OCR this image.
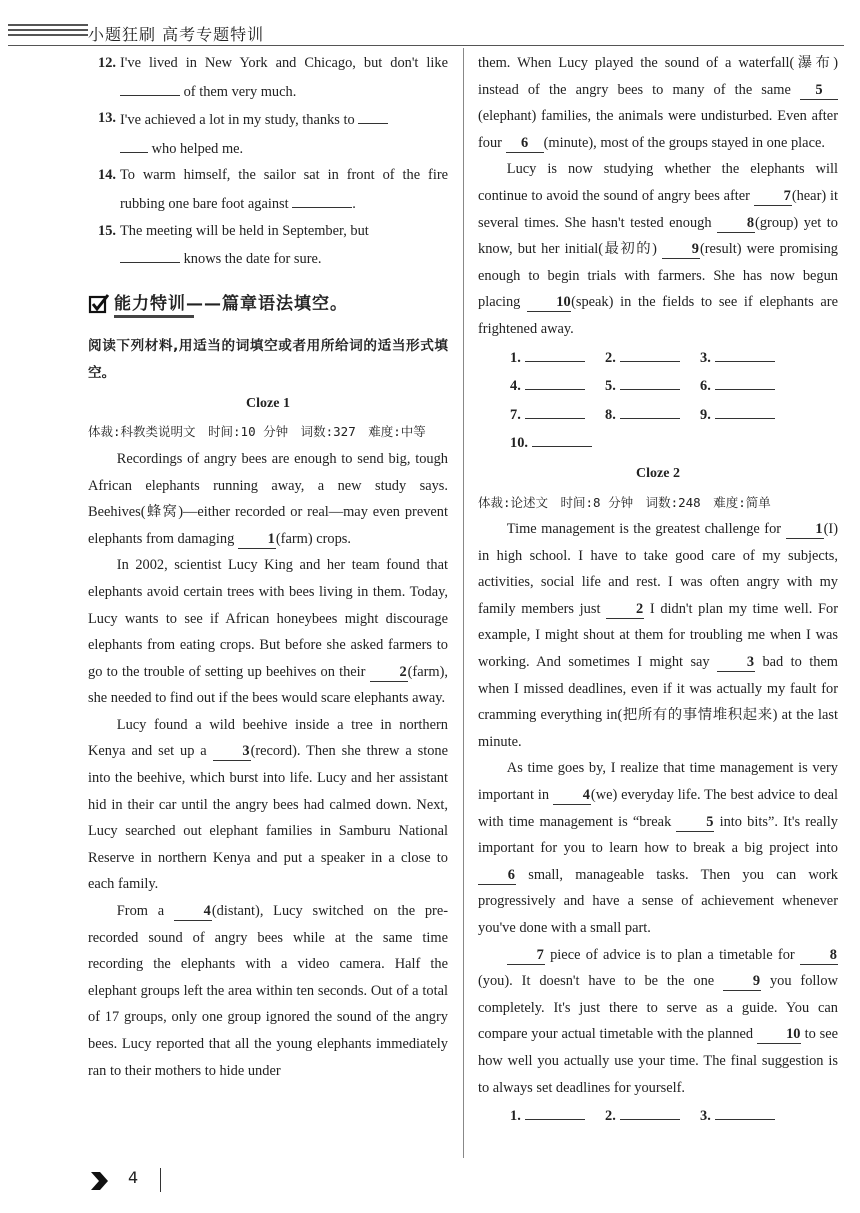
小题狂刷 高考专题特训
12. I've lived in New York and Chicago, but don't like  of them very much.
13. I've achieved a lot in my study, thanks to
who helped me.
14. To warm himself, the sailor sat in front of the fire rubbing one bare foot against	.
15. The meeting will be held in September, but
knows the date for sure.
能力特训——篇章语法填空。

阅读下列材料,用适当的词填空或者用所给词的适当形式填空。

Cloze 1

体裁:科教类说明文　时间:10 分钟　词数:327　难度:中等

Recordings of angry bees are enough to send big, tough African elephants running away, a new study says. Beehives(蜂窝)—either recorded or real—may even prevent elephants from damaging 1(farm) crops.

In 2002, scientist Lucy King and her team found that elephants avoid certain trees with bees living in them. Today, Lucy wants to see if African honeybees might discourage elephants from eating crops. But before she asked farmers to go to the trouble of setting up beehives on their 2(farm), she needed to find out if the bees would scare elephants away.

Lucy found a wild beehive inside a tree in northern Kenya and set up a 3(record). Then she threw a stone into the beehive, which burst into life. Lucy and her assistant hid in their car until the angry bees had calmed down. Next, Lucy searched out elephant families in Samburu National Reserve in northern Kenya and put a speaker in a close to each family.

From a	4(distant), Lucy switched on the pre-recorded sound of angry bees while at the same time recording the elephants with a video camera. Half the elephant groups left the area within ten seconds. Out of a total of 17 groups, only one group ignored the sound of the angry bees. Lucy reported that all the young elephants immediately ran to their mothers to hide under

them. When Lucy played the sound of a waterfall(瀑布) instead of the angry bees to many of the same 5(elephant) families, the animals were undisturbed. Even after four 6 (minute), most of the groups stayed in one place.

Lucy is now studying whether the elephants will continue to avoid the sound of angry bees after 7(hear) it several times. She hasn't tested enough 8(group) yet to know, but her initial(最初的) 9(result) were promising enough to begin trials with farmers. She has now begun placing 10(speak) in the fields to see if elephants are frightened away.

1.	2.	3.
4.	5.	6.
7.	8.	9.
10.

Cloze 2

体裁:论述文　时间:8 分钟　词数:248　难度:简单

Time management is the greatest challenge for 1(I) in high school. I have to take good care of my subjects, activities, social life and rest. I was often angry with my family members just 2 I didn't plan my time well. For example, I might shout at them for troubling me when I was working. And sometimes I might say	3 bad to them when I missed deadlines, even if it was actually my fault for cramming everything in(把所有的事情堆积起来) at the last minute.

As time goes by, I realize that time management is very important in 4(we) everyday life. The best advice to deal with time management is “break 5 into bits”. It's really important for you to learn how to break a big project into 6 small, manageable tasks. Then you can work progressively and have a sense of achievement whenever you've done with a small part.

7 piece of advice is to plan a timetable for 8(you). It doesn't have to be the one	9 you follow completely. It's just there to serve as a guide. You can compare your actual timetable with the planned 10 to see how well you actually use your time. The final suggestion is to always set deadlines for yourself.

1.	2.	3.
4
